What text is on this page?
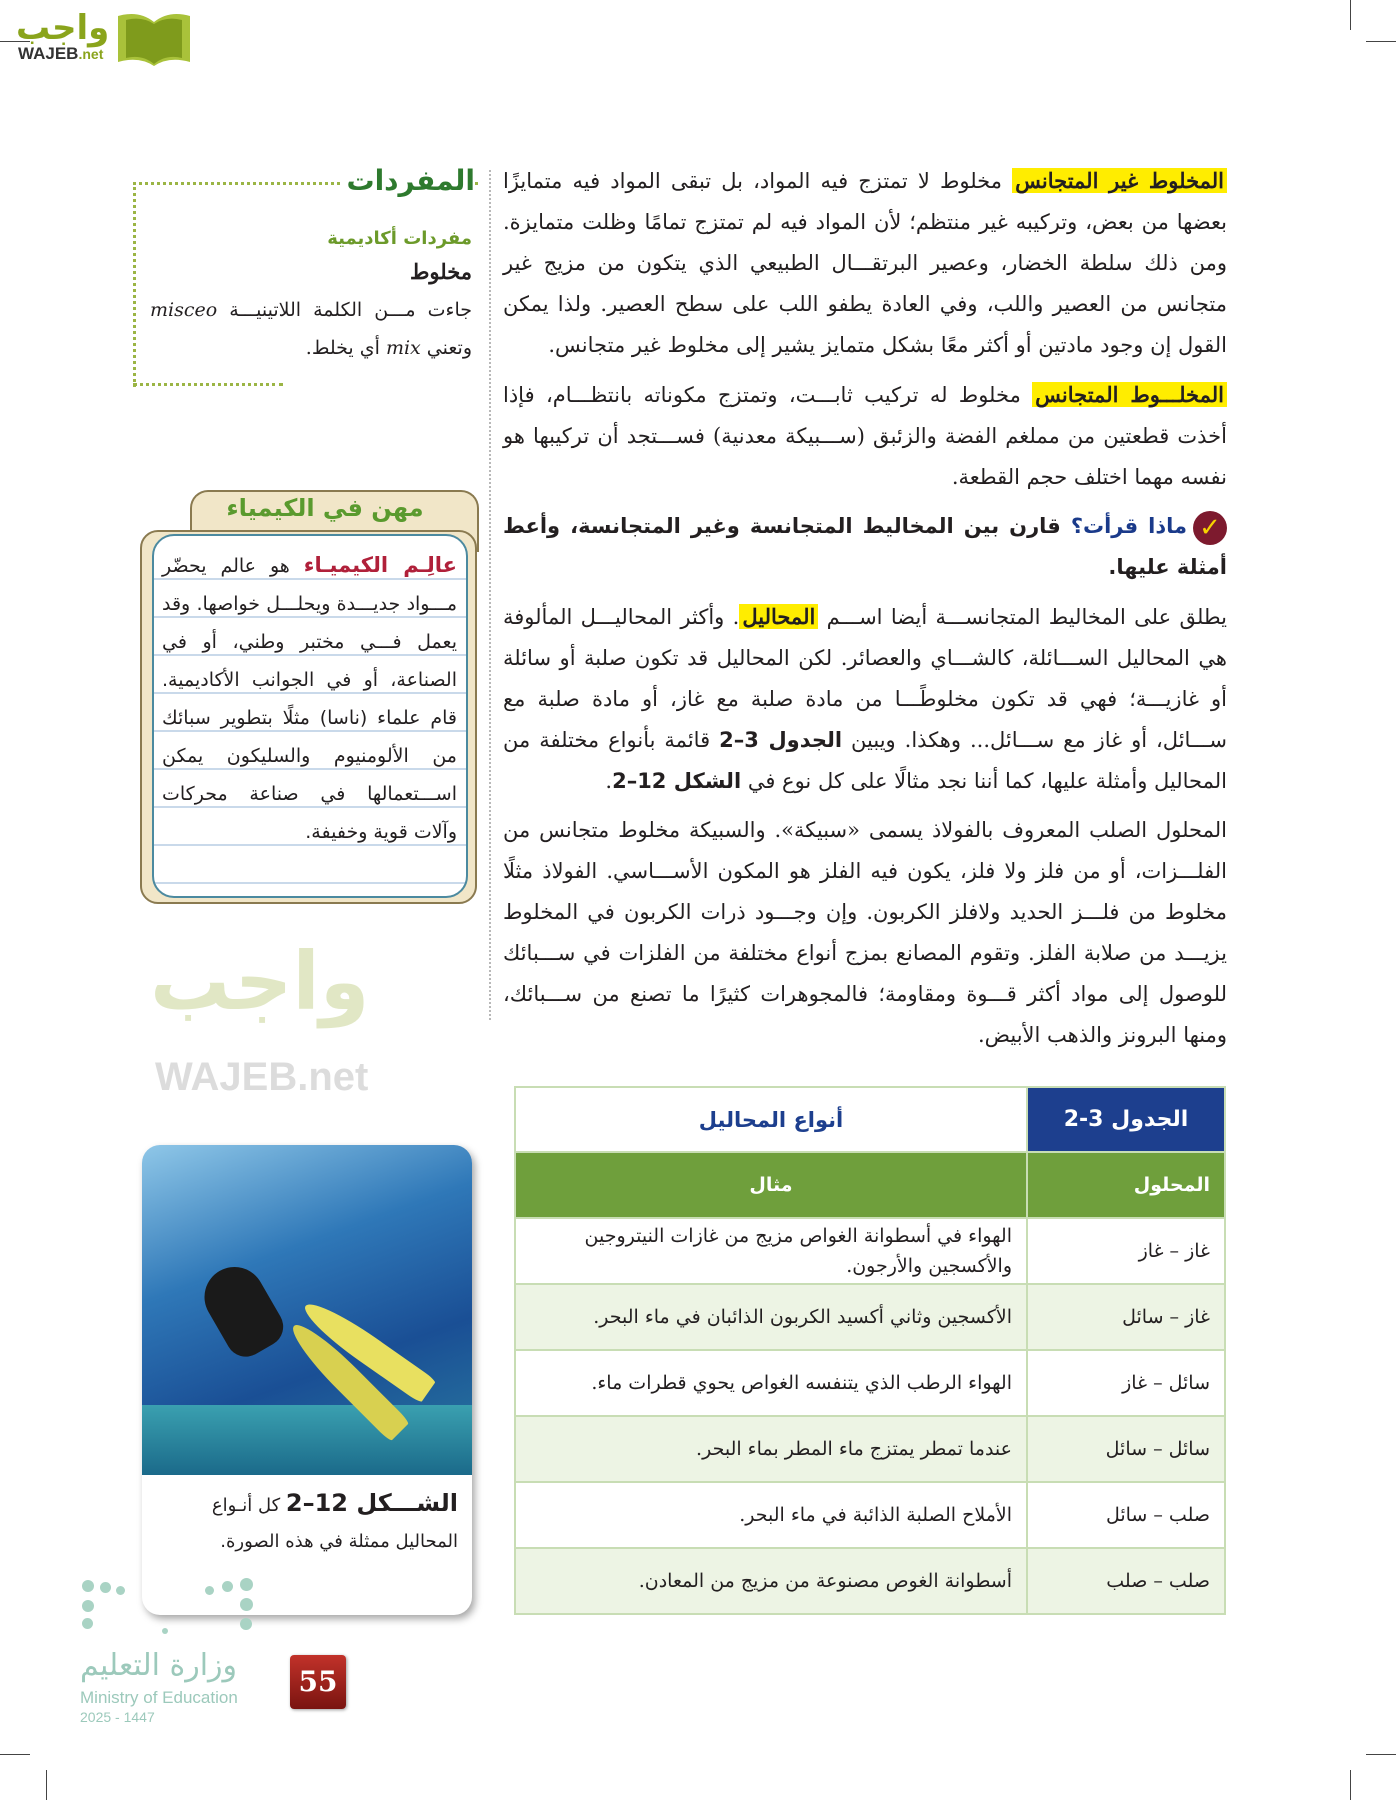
واجب
WAJEB.net
واجب
WAJEB.net

المخلوط غير المتجانس مخلوط لا تمتزج فيه المواد، بل تبقى المواد فيه متمايزًا بعضها من بعض، وتركيبه غير منتظم؛ لأن المواد فيه لم تمتزج تمامًا وظلت متمايزة. ومن ذلك سلطة الخضار، وعصير البرتقـــال الطبيعي الذي يتكون من مزيج غير متجانس من العصير واللب، وفي العادة يطفو اللب على سطح العصير. ولذا يمكن القول إن وجود مادتين أو أكثر معًا بشكل متمايز يشير إلى مخلوط غير متجانس.

المخلـــوط المتجانس مخلوط له تركيب ثابـــت، وتمتزج مكوناته بانتظـــام، فإذا أخذت قطعتين من مملغم الفضة والزئبق (ســـبيكة معدنية) فســـتجد أن تركيبها هو نفسه مهما اختلف حجم القطعة.

✓ماذا قرأت؟ قارن بين المخاليط المتجانسة وغير المتجانسة، وأعط أمثلة عليها.

يطلق على المخاليط المتجانســـة أيضا اســـم المحاليل. وأكثر المحاليـــل المألوفة هي المحاليل الســـائلة، كالشـــاي والعصائر. لكن المحاليل قد تكون صلبة أو سائلة أو غازيـــة؛ فهي قد تكون مخلوطًـــا من مادة صلبة مع غاز، أو مادة صلبة مع ســـائل، أو غاز مع ســـائل... وهكذا. ويبين الجدول 3–2 قائمة بأنواع مختلفة من المحاليل وأمثلة عليها، كما أننا نجد مثالًا على كل نوع في الشكل 12–2.

المحلول الصلب المعروف بالفولاذ يسمى «سبيكة». والسبيكة مخلوط متجانس من الفلـــزات، أو من فلز ولا فلز، يكون فيه الفلز هو المكون الأســـاسي. الفولاذ مثلًا مخلوط من فلـــز الحديد ولافلز الكربون. وإن وجـــود ذرات الكربون في المخلوط يزيـــد من صلابة الفلز. وتقوم المصانع بمزج أنواع مختلفة من الفلزات في ســـبائك للوصول إلى مواد أكثر قـــوة ومقاومة؛ فالمجوهرات كثيرًا ما تصنع من ســـبائك، ومنها البرونز والذهب الأبيض.

الجدول 3-2	أنواع المحاليل
المحلول	مثال
غاز – غاز	الهواء في أسطوانة الغواص مزيج من غازات النيتروجين والأكسجين والأرجون.
غاز – سائل	الأكسجين وثاني أكسيد الكربون الذائبان في ماء البحر.
سائل – غاز	الهواء الرطب الذي يتنفسه الغواص يحوي قطرات ماء.
سائل – سائل	عندما تمطر يمتزج ماء المطر بماء البحر.
صلب – سائل	الأملاح الصلبة الذائبة في ماء البحر.
صلب – صلب	أسطوانة الغوص مصنوعة من مزيج من المعادن.
المفردات
مفردات أكاديمية
مخلوط
جاءت مـــن الكلمة اللاتينيـــة misceo وتعني mix أي يخلط.
مهن في الكيمياء
عالِـم الكيميـاء هو عالم يحضّر مـــواد جديـــدة ويحلـــل خواصها. وقد يعمل فـــي مختبر وطني، أو في الصناعة، أو في الجوانب الأكاديمية. قام علماء (ناسا) مثلًا بتطوير سبائك من الألومنيوم والسليكون يمكن اســـتعمالها في صناعة محركات وآلات قوية وخفيفة.
الشـــكل 12–2 كل أنـواع المحاليل ممثلة في هذه الصورة.
وزارة التعليم
Ministry of Education
2025 - 1447
55
